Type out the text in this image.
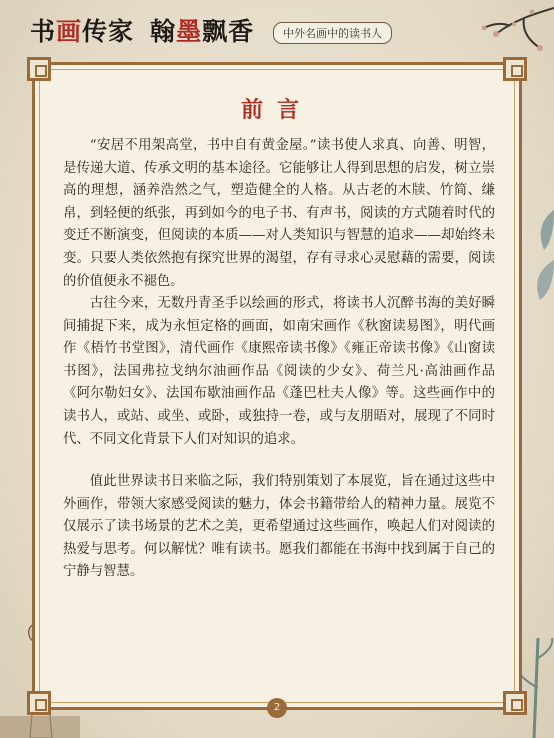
书画传家 翰墨飘香	中外名画中的读书人
前言

“安居不用架高堂，书中自有黄金屋。”读书使人求真、向善、明智，是传递大道、传承文明的基本途径。它能够让人得到思想的启发，树立崇高的理想，涵养浩然之气，塑造健全的人格。从古老的木牍、竹简、缣帛，到轻便的纸张，再到如今的电子书、有声书，阅读的方式随着时代的变迁不断演变，但阅读的本质——对人类知识与智慧的追求——却始终未变。只要人类依然抱有探究世界的渴望，存有寻求心灵慰藉的需要，阅读的价值便永不褪色。

古往今来，无数丹青圣手以绘画的形式，将读书人沉醉书海的美好瞬间捕捉下来，成为永恒定格的画面，如南宋画作《秋窗读易图》，明代画作《梧竹书堂图》，清代画作《康熙帝读书像》《雍正帝读书像》《山窗读书图》，法国弗拉戈纳尔油画作品《阅读的少女》、荷兰凡·高油画作品《阿尔勒妇女》、法国布歇油画作品《蓬巴杜夫人像》等。这些画作中的读书人，或站、或坐、或卧，或独持一卷，或与友朋晤对，展现了不同时代、不同文化背景下人们对知识的追求。

值此世界读书日来临之际，我们特别策划了本展览，旨在通过这些中外画作，带领大家感受阅读的魅力，体会书籍带给人的精神力量。展览不仅展示了读书场景的艺术之美，更希望通过这些画作，唤起人们对阅读的热爱与思考。何以解忧？唯有读书。愿我们都能在书海中找到属于自己的宁静与智慧。

2
